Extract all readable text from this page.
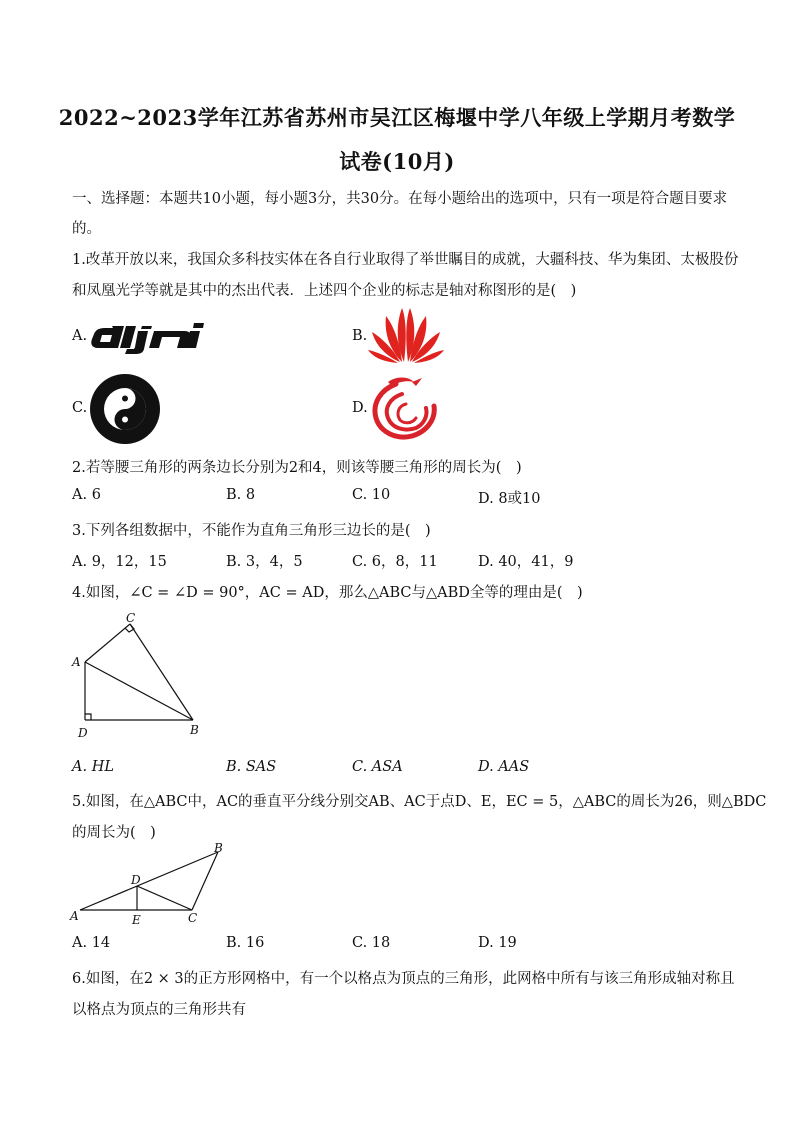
2022~2023学年江苏省苏州市吴江区梅堰中学八年级上学期月考数学
试卷(10月)
一、选择题：本题共10小题，每小题3分，共30分。在每小题给出的选项中，只有一项是符合题目要求
的。
1.改革开放以来，我国众多科技实体在各自行业取得了举世瞩目的成就，大疆科技、华为集团、太极股份
和凤凰光学等就是其中的杰出代表．上述四个企业的标志是轴对称图形的是(　)
A.	B.
C.	D.
2.若等腰三角形的两条边长分别为2和4，则该等腰三角形的周长为(　)
A. 6	B. 8	C. 10	D. 8或10
3.下列各组数据中，不能作为直角三角形三边长的是(　)
A. 9，12，15	B. 3，4，5	C. 6，8，11	D. 40，41，9
4.如图，∠C = ∠D = 90°，AC = AD，那么△ABC与△ABD全等的理由是(　)
C
A
D	B
A. HL	B. SAS	C. ASA	D. AAS
5.如图，在△ABC中，AC的垂直平分线分别交AB、AC于点D、E，EC = 5，△ABC的周长为26，则△BDC
的周长为(　)
B
D
A	E	C
A. 14	B. 16	C. 18	D. 19
6.如图，在2 × 3的正方形网格中，有一个以格点为顶点的三角形，此网格中所有与该三角形成轴对称且
以格点为顶点的三角形共有
